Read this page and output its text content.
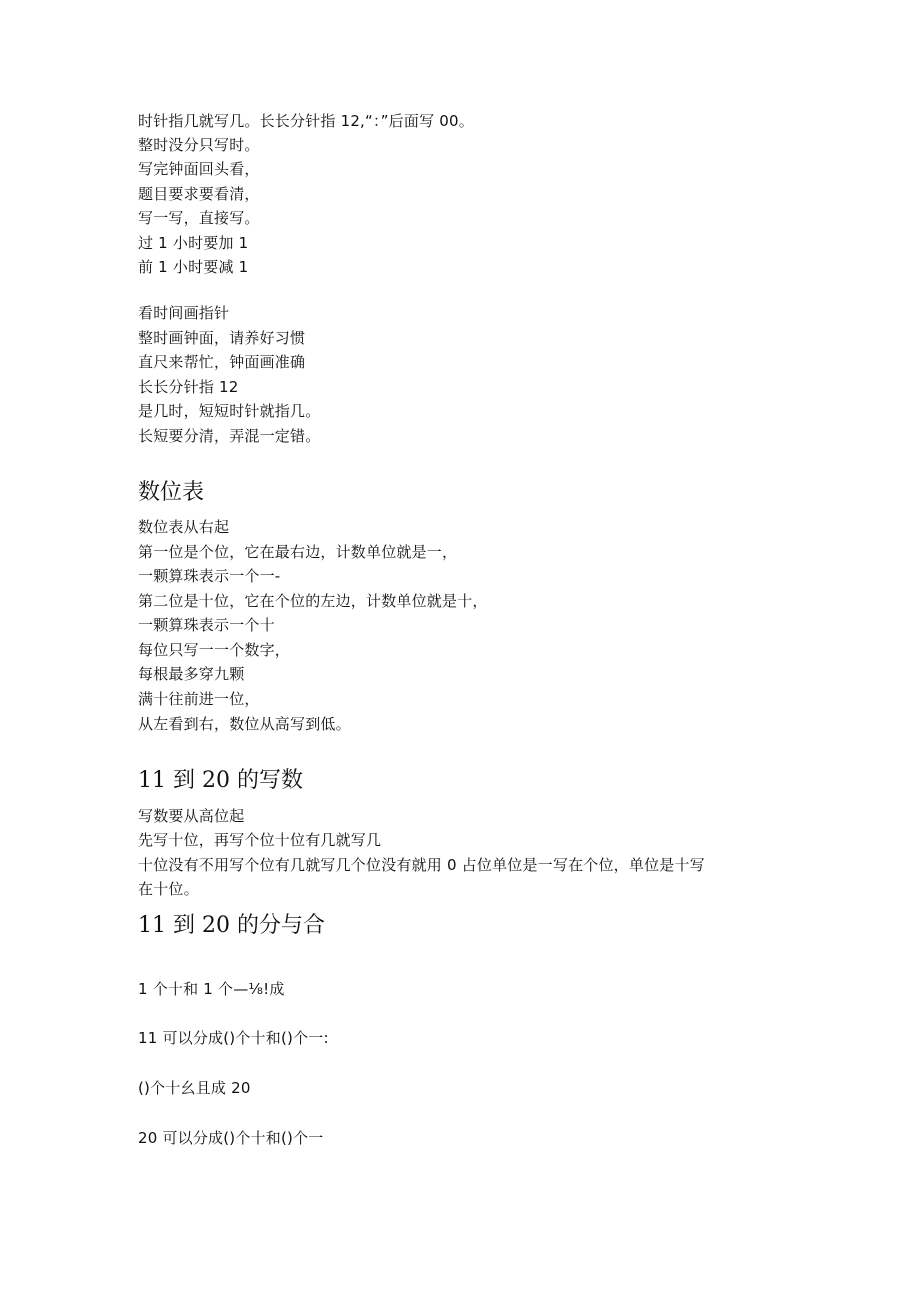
时针指几就写几。长长分针指 12,“：”后面写 00。
整时没分只写时。
写完钟面回头看，
题目要求要看清，
写一写，直接写。
过 1 小时要加 1
前 1 小时要减 1
看时间画指针
整时画钟面，请养好习惯
直尺来帮忙，钟面画准确
长长分针指 12
是几时，短短时针就指几。
长短要分清，弄混一定错。
数位表
数位表从右起
第一位是个位，它在最右边，计数单位就是一，
一颗算珠表示一个一-
第二位是十位，它在个位的左边，计数单位就是十，
一颗算珠表示一个十
每位只写一一个数字，
每根最多穿九颗
满十往前进一位，
从左看到右，数位从高写到低。
11 到 20 的写数
写数要从高位起
先写十位，再写个位十位有几就写几
十位没有不用写个位有几就写几个位没有就用 0 占位单位是一写在个位，单位是十写
在十位。
11 到 20 的分与合
1 个十和 1 个—⅛!成
11 可以分成()个十和()个一:
()个十幺且成 20
20 可以分成()个十和()个一
